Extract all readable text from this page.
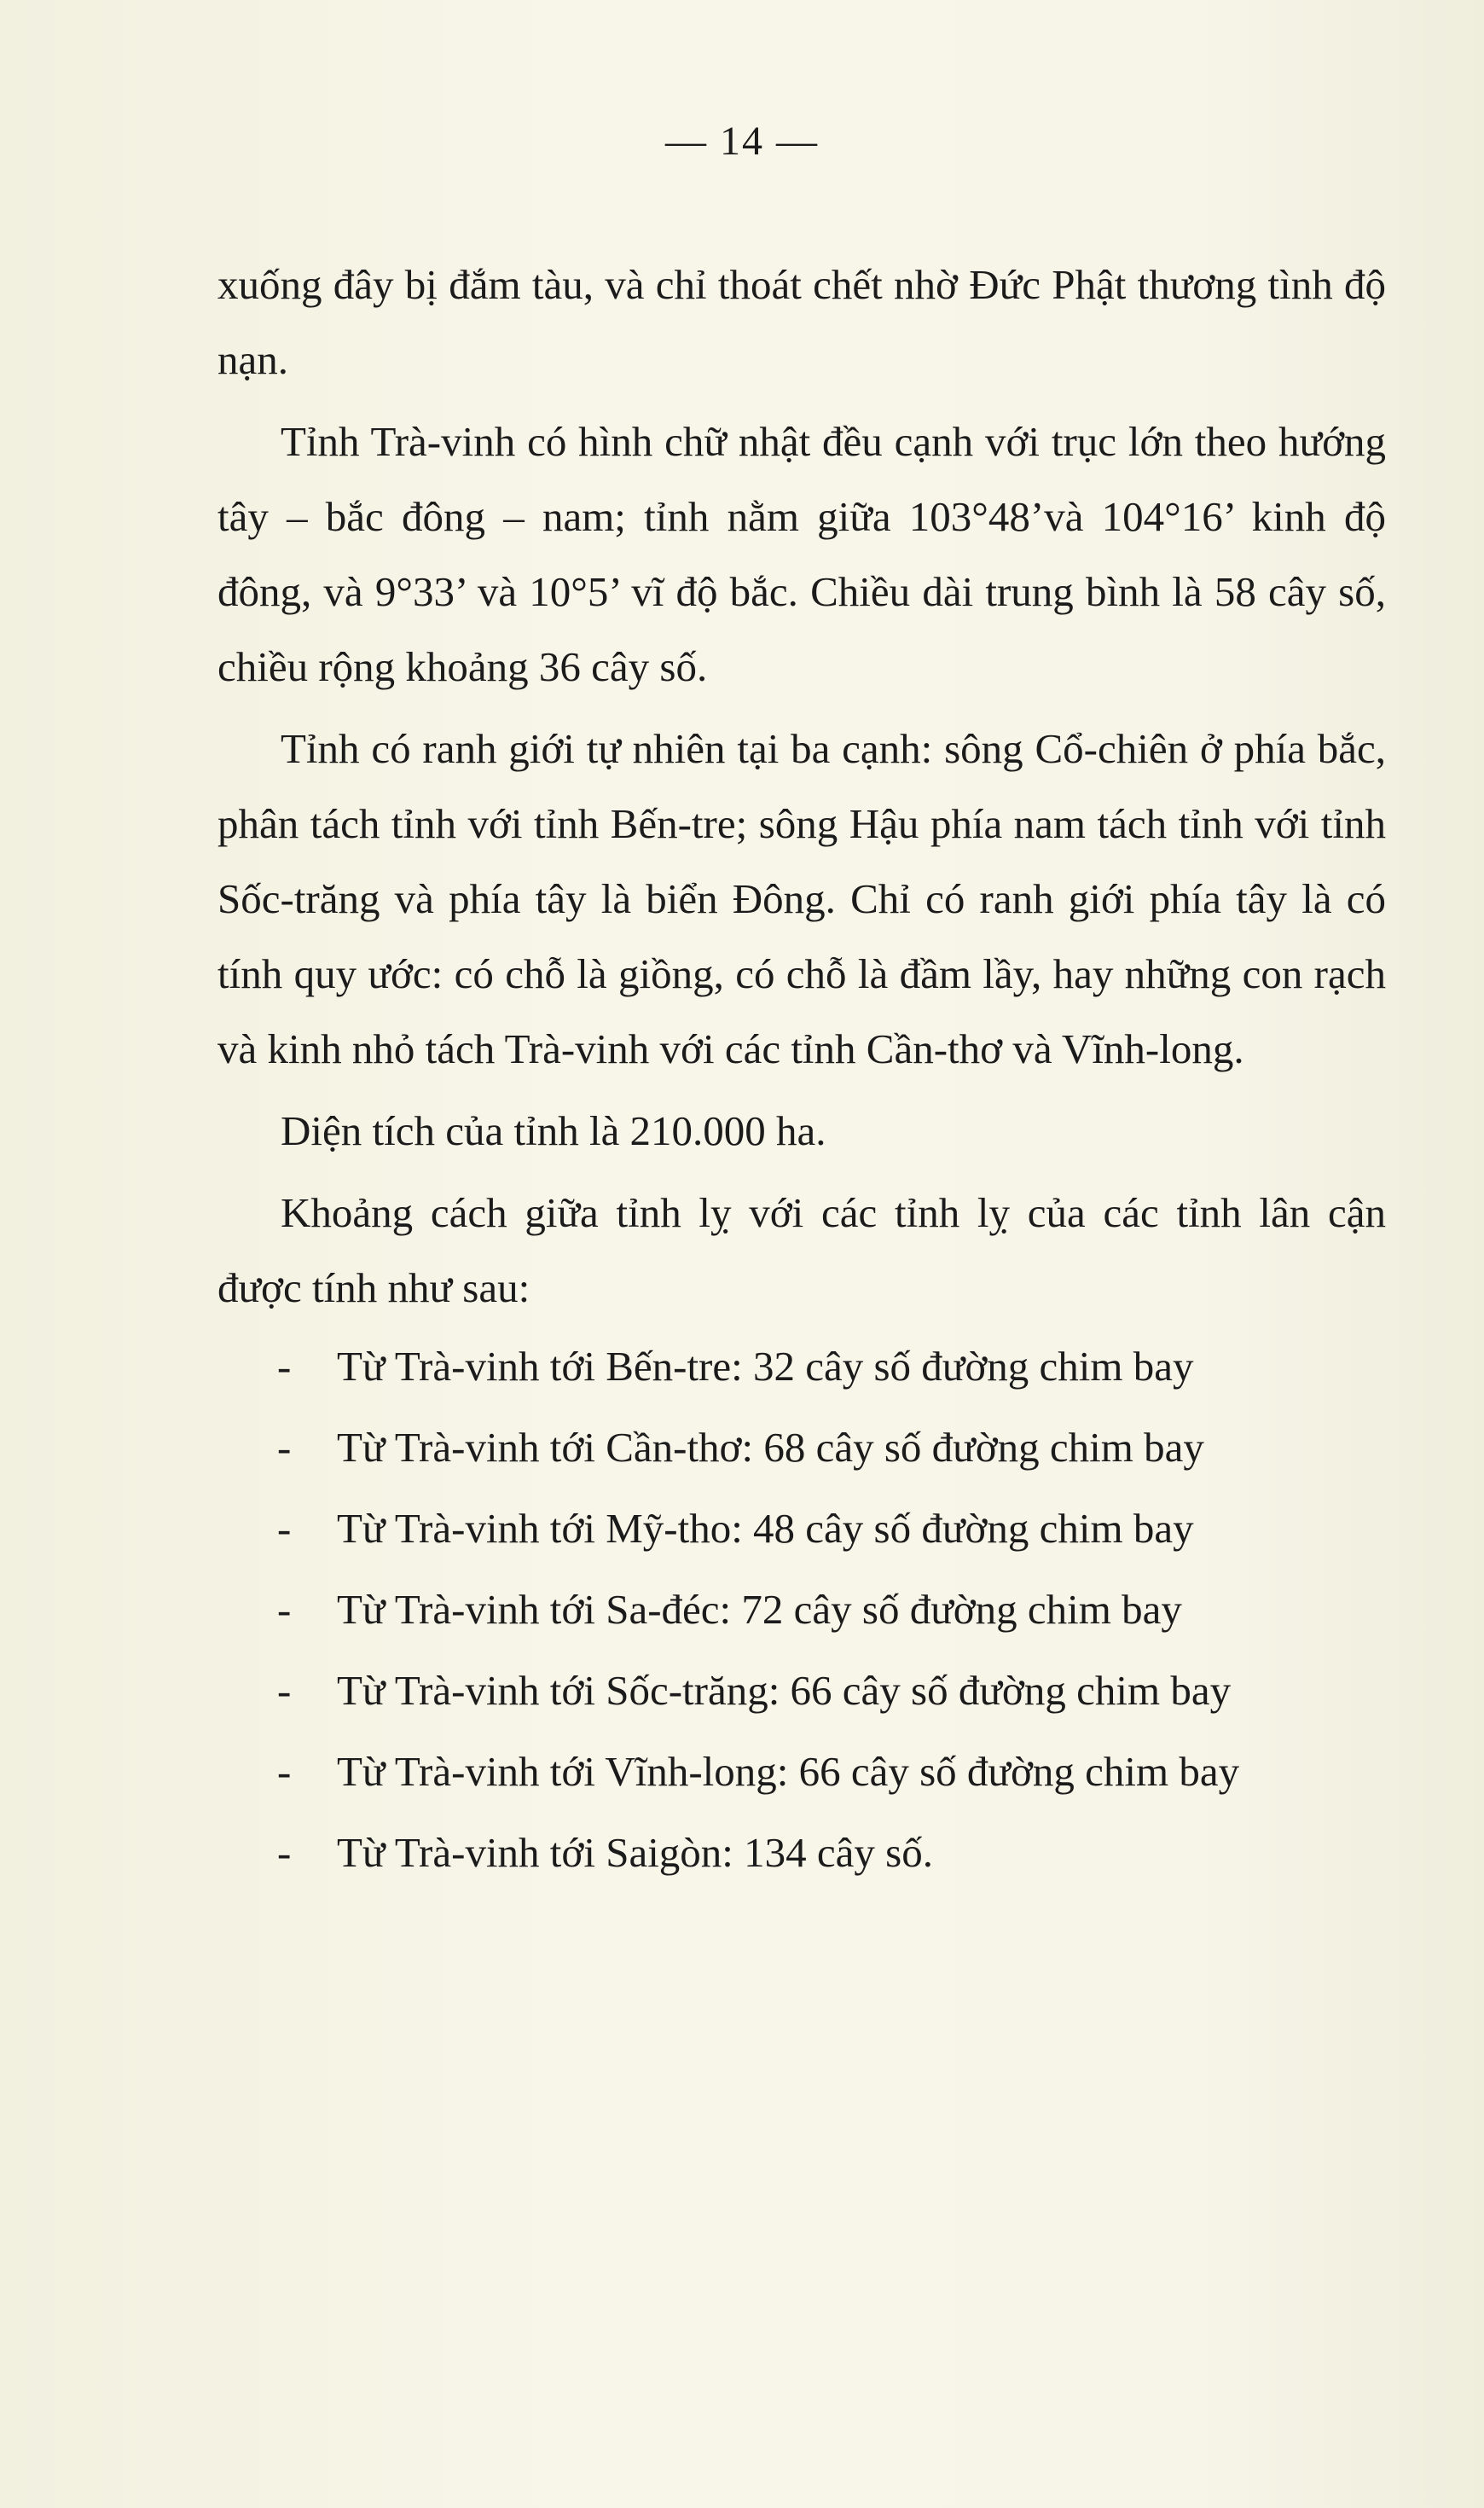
— 14 —

xuống đây bị đắm tàu, và chỉ thoát chết nhờ Đức Phật thương tình độ nạn.

Tỉnh Trà-vinh có hình chữ nhật đều cạnh với trục lớn theo hướng tây – bắc đông – nam; tỉnh nằm giữa 103°48’và 104°16’ kinh độ đông, và 9°33’ và 10°5’ vĩ độ bắc. Chiều dài trung bình là 58 cây số, chiều rộng khoảng 36 cây số.

Tỉnh có ranh giới tự nhiên tại ba cạnh: sông Cổ-chiên ở phía bắc, phân tách tỉnh với tỉnh Bến-tre; sông Hậu phía nam tách tỉnh với tỉnh Sốc-trăng và phía tây là biển Đông. Chỉ có ranh giới phía tây là có tính quy ước: có chỗ là giồng, có chỗ là đầm lầy, hay những con rạch và kinh nhỏ tách Trà-vinh với các tỉnh Cần-thơ và Vĩnh-long.

Diện tích của tỉnh là 210.000 ha.

Khoảng cách giữa tỉnh lỵ với các tỉnh lỵ của các tỉnh lân cận được tính như sau:

-	Từ Trà-vinh tới Bến-tre: 32 cây số đường chim bay
-	Từ Trà-vinh tới Cần-thơ: 68 cây số đường chim bay
-	Từ Trà-vinh tới Mỹ-tho: 48 cây số đường chim bay
-	Từ Trà-vinh tới Sa-đéc: 72 cây số đường chim bay
-	Từ Trà-vinh tới Sốc-trăng: 66 cây số đường chim bay
-	Từ Trà-vinh tới Vĩnh-long: 66 cây số đường chim bay
-	Từ Trà-vinh tới Saigòn: 134 cây số.
